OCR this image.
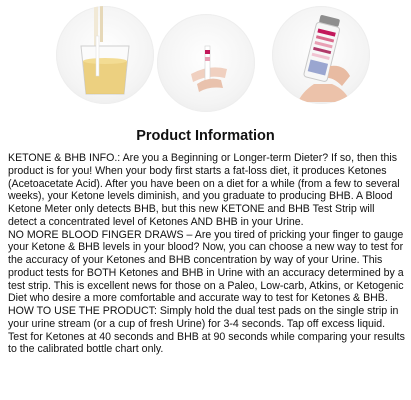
Product Information

KETONE & BHB INFO.: Are you a Beginning or Longer-term Dieter? If so, then this product is for you! When your body first starts a fat-loss diet, it produces Ketones (Acetoacetate Acid). After you have been on a diet for a while (from a few to several weeks), your Ketone levels diminish, and you graduate to producing BHB. A Blood Ketone Meter only detects BHB, but this new KETONE and BHB Test Strip will detect a concentrated level of Ketones AND BHB in your Urine.

NO MORE BLOOD FINGER DRAWS – Are you tired of pricking your finger to gauge your Ketone & BHB levels in your blood? Now, you can choose a new way to test for the accuracy of your Ketones and BHB concentration by way of your Urine. This product tests for BOTH Ketones and BHB in Urine with an accuracy determined by a test strip. This is excellent news for those on a Paleo, Low-carb, Atkins, or Ketogenic Diet who desire a more comfortable and accurate way to test for Ketones & BHB.

HOW TO USE THE PRODUCT: Simply hold the dual test pads on the single strip in your urine stream (or a cup of fresh Urine) for 3-4 seconds. Tap off excess liquid. Test for Ketones at 40 seconds and BHB at 90 seconds while comparing your results to the calibrated bottle chart only.
